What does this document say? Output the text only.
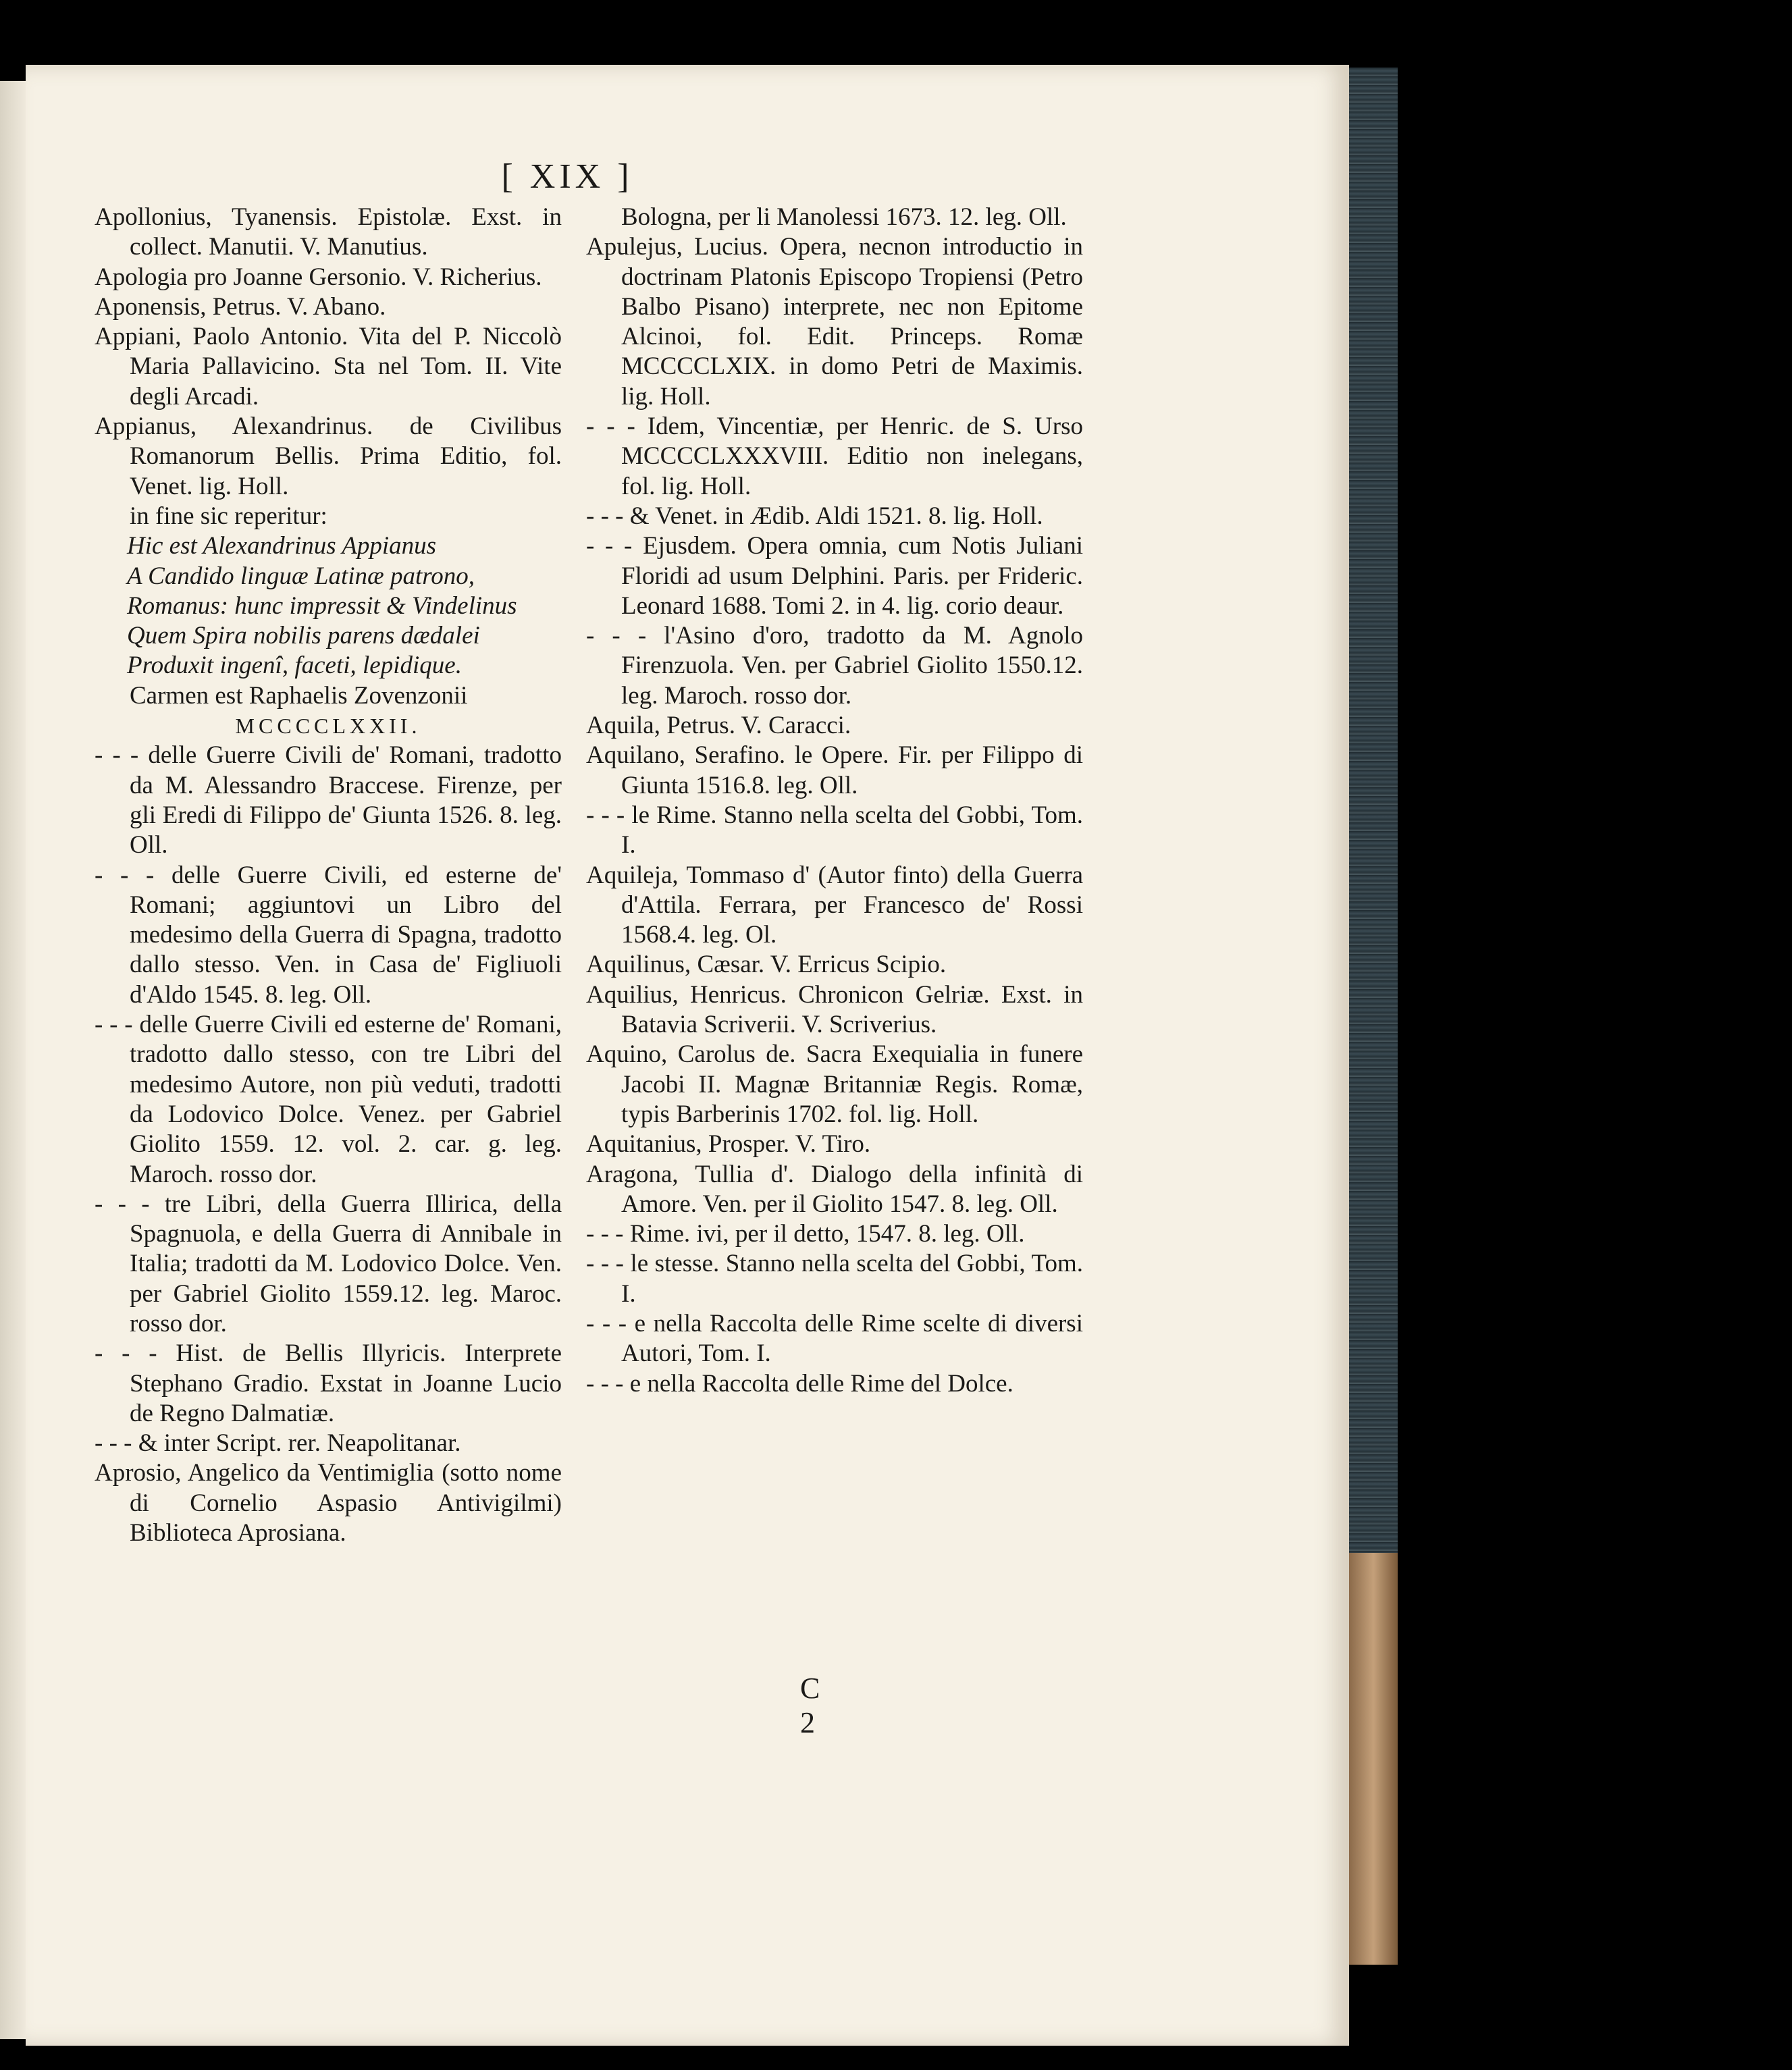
[ XIX ]
Apollonius, Tyanensis. Epistolæ. Exst. in collect. Manutii. V. Manutius.
Apologia pro Joanne Gersonio. V. Richerius.
Aponensis, Petrus. V. Abano.
Appiani, Paolo Antonio. Vita del P. Niccolò Maria Pallavicino. Sta nel Tom. II. Vite degli Arcadi.
Appianus, Alexandrinus. de Civilibus Romanorum Bellis. Prima Editio, fol. Venet. lig. Holl.
in fine sic reperitur:
Hic est Alexandrinus Appianus
A Candido linguæ Latinæ patrono,
Romanus: hunc impressit & Vindelinus
Quem Spira nobilis parens dædalei
Produxit ingenî, faceti, lepidique.
Carmen est Raphaelis Zovenzonii
MCCCCLXXII.
- - - delle Guerre Civili de' Romani, tradotto da M. Alessandro Braccese. Firenze, per gli Eredi di Filippo de' Giunta 1526. 8. leg. Oll.
- - - delle Guerre Civili, ed esterne de' Romani; aggiuntovi un Libro del medesimo della Guerra di Spagna, tradotto dallo stesso. Ven. in Casa de' Figliuoli d'Aldo 1545. 8. leg. Oll.
- - - delle Guerre Civili ed esterne de' Romani, tradotto dallo stesso, con tre Libri del medesimo Autore, non più veduti, tradotti da Lodovico Dolce. Venez. per Gabriel Giolito 1559. 12. vol. 2. car. g. leg. Maroch. rosso dor.
- - - tre Libri, della Guerra Illirica, della Spagnuola, e della Guerra di Annibale in Italia; tradotti da M. Lodovico Dolce. Ven. per Gabriel Giolito 1559.12. leg. Maroc. rosso dor.
- - - Hist. de Bellis Illyricis. Interprete Stephano Gradio. Exstat in Joanne Lucio de Regno Dalmatiæ.
- - - & inter Script. rer. Neapolitanar.
Aprosio, Angelico da Ventimiglia (sotto nome di Cornelio Aspasio Antivigilmi) Biblioteca Aprosiana.
Bologna, per li Manolessi 1673. 12. leg. Oll.
Apulejus, Lucius. Opera, necnon introductio in doctrinam Platonis Episcopo Tropiensi (Petro Balbo Pisano) interprete, nec non Epitome Alcinoi, fol. Edit. Princeps. Romæ MCCCCLXIX. in domo Petri de Maximis. lig. Holl.
- - - Idem, Vincentiæ, per Henric. de S. Urso MCCCCLXXXVIII. Editio non inelegans, fol. lig. Holl.
- - - & Venet. in Ædib. Aldi 1521. 8. lig. Holl.
- - - Ejusdem. Opera omnia, cum Notis Juliani Floridi ad usum Delphini. Paris. per Frideric. Leonard 1688. Tomi 2. in 4. lig. corio deaur.
- - - l'Asino d'oro, tradotto da M. Agnolo Firenzuola. Ven. per Gabriel Giolito 1550.12. leg. Maroch. rosso dor.
Aquila, Petrus. V. Caracci.
Aquilano, Serafino. le Opere. Fir. per Filippo di Giunta 1516.8. leg. Oll.
- - - le Rime. Stanno nella scelta del Gobbi, Tom. I.
Aquileja, Tommaso d' (Autor finto) della Guerra d'Attila. Ferrara, per Francesco de' Rossi 1568.4. leg. Ol.
Aquilinus, Cæsar. V. Erricus Scipio.
Aquilius, Henricus. Chronicon Gelriæ. Exst. in Batavia Scriverii. V. Scriverius.
Aquino, Carolus de. Sacra Exequialia in funere Jacobi II. Magnæ Britanniæ Regis. Romæ, typis Barberinis 1702. fol. lig. Holl.
Aquitanius, Prosper. V. Tiro.
Aragona, Tullia d'. Dialogo della infinità di Amore. Ven. per il Giolito 1547. 8. leg. Oll.
- - - Rime. ivi, per il detto, 1547. 8. leg. Oll.
- - - le stesse. Stanno nella scelta del Gobbi, Tom. I.
- - - e nella Raccolta delle Rime scelte di diversi Autori, Tom. I.
- - - e nella Raccolta delle Rime del Dolce.
C 2
